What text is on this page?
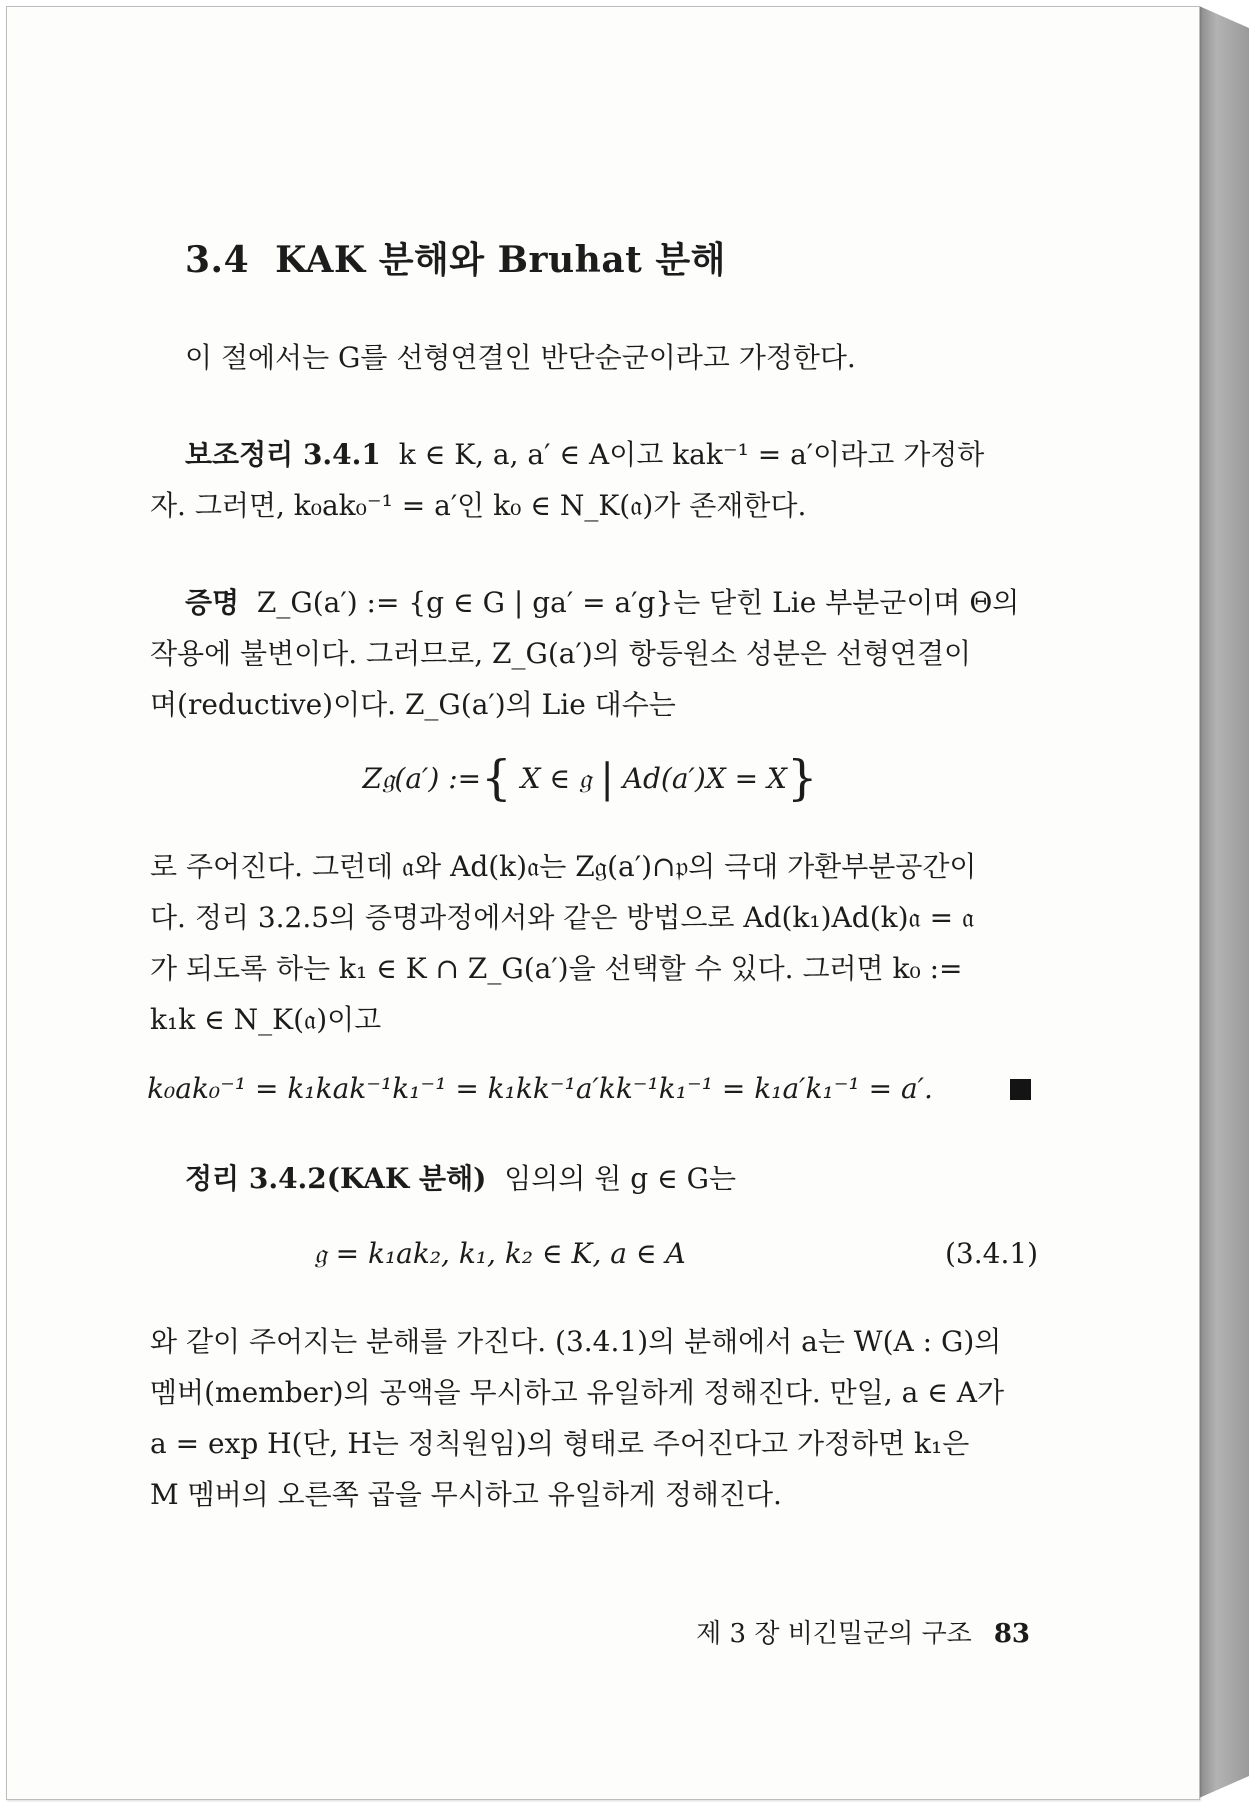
3.4 KAK 분해와 Bruhat 분해
이 절에서는 G를 선형연결인 반단순군이라고 가정한다.
보조정리 3.4.1 k ∈ K, a, a′ ∈ A이고 kak⁻¹ = a′이라고 가정하
자. 그러면, k₀ak₀⁻¹ = a′인 k₀ ∈ N_K(𝔞)가 존재한다.
증명 Z_G(a′) := {g ∈ G | ga′ = a′g}는 닫힌 Lie 부분군이며 Θ의
작용에 불변이다. 그러므로, Z_G(a′)의 항등원소 성분은 선형연결이
며(reductive)이다. Z_G(a′)의 Lie 대수는
Z𝔤(a′) :={ X ∈ 𝔤 | Ad(a′)X = X}
로 주어진다. 그런데 𝔞와 Ad(k)𝔞는 Z𝔤(a′)∩𝔭의 극대 가환부분공간이
다. 정리 3.2.5의 증명과정에서와 같은 방법으로 Ad(k₁)Ad(k)𝔞 = 𝔞
가 되도록 하는 k₁ ∈ K ∩ Z_G(a′)을 선택할 수 있다. 그러면 k₀ :=
k₁k ∈ N_K(𝔞)이고
k₀ak₀⁻¹ = k₁kak⁻¹k₁⁻¹ = k₁kk⁻¹a′kk⁻¹k₁⁻¹ = k₁a′k₁⁻¹ = a′.
정리 3.4.2(KAK 분해) 임의의 원 g ∈ G는
𝔤 = k₁ak₂, k₁, k₂ ∈ K, a ∈ A	(3.4.1)
와 같이 주어지는 분해를 가진다. (3.4.1)의 분해에서 a는 W(A : G)의
멤버(member)의 공액을 무시하고 유일하게 정해진다. 만일, a ∈ A가
a = exp H(단, H는 정칙원임)의 형태로 주어진다고 가정하면 k₁은
M 멤버의 오른쪽 곱을 무시하고 유일하게 정해진다.
제 3 장 비긴밀군의 구조 83
